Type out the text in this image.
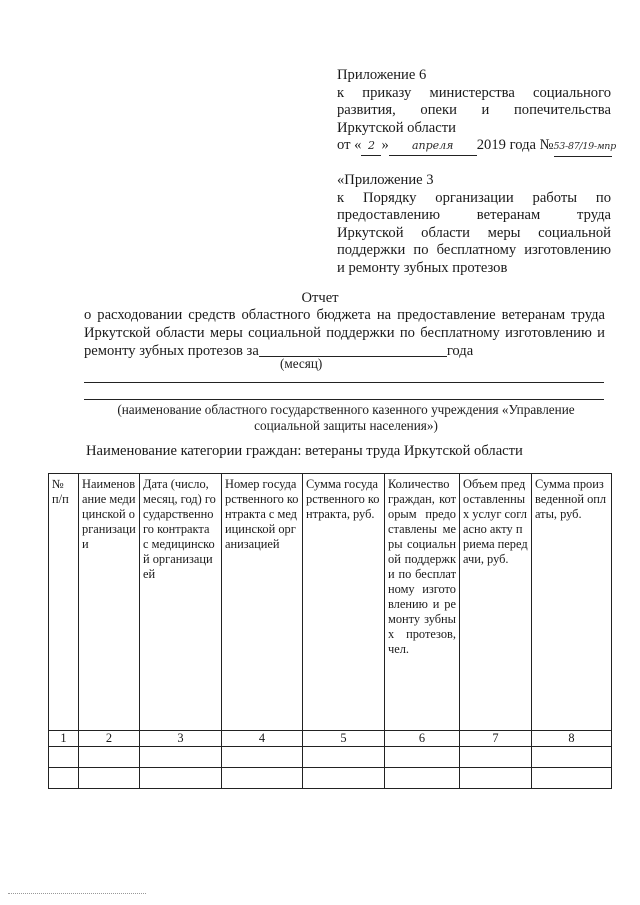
Приложение 6
к приказу министерства социального
развития, опеки и попечительства
Иркутской области
от « 2 » апреля 2019 года №53-87/19-мпр
«Приложение 3
к Порядку организации работы по
предоставлению ветеранам труда
Иркутской области меры социальной
поддержки по бесплатному изготовлению
и ремонту зубных протезов
Отчет
о расходовании средств областного бюджета на предоставление ветеранам труда
Иркутской области меры социальной поддержки по бесплатному изготовлению и
ремонту зубных протезов за	года
(месяц)
(наименование областного государственного казенного учреждения «Управление социальной защиты населения»)
Наименование категории граждан: ветераны труда Иркутской области
№ п/п	Наименование медицинской организации	Дата (число, месяц, год) государственного контракта с медицинской организацией	Номер государственного контракта с медицинской организацией	Сумма государственного контракта, руб.	Количество граждан, которым предоставлены меры социальной поддержки по бесплатному изготовлению и ремонту зубных протезов, чел.	Объем предоставленных услуг согласно акту приема передачи, руб.	Сумма произведенной оплаты, руб.
1	2	3	4	5	6	7	8
